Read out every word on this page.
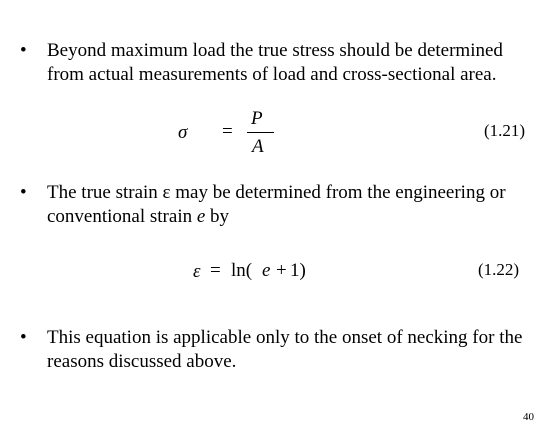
•	Beyond maximum load the true stress should be determined from actual measurements of load and cross-sectional area.
σ =
P
A
(1.21)
•	The true strain ε may be determined from the engineering or conventional strain e by
ε = ln( e + 1)	(1.22)
•	This equation is applicable only to the onset of necking for the reasons discussed above.
40
